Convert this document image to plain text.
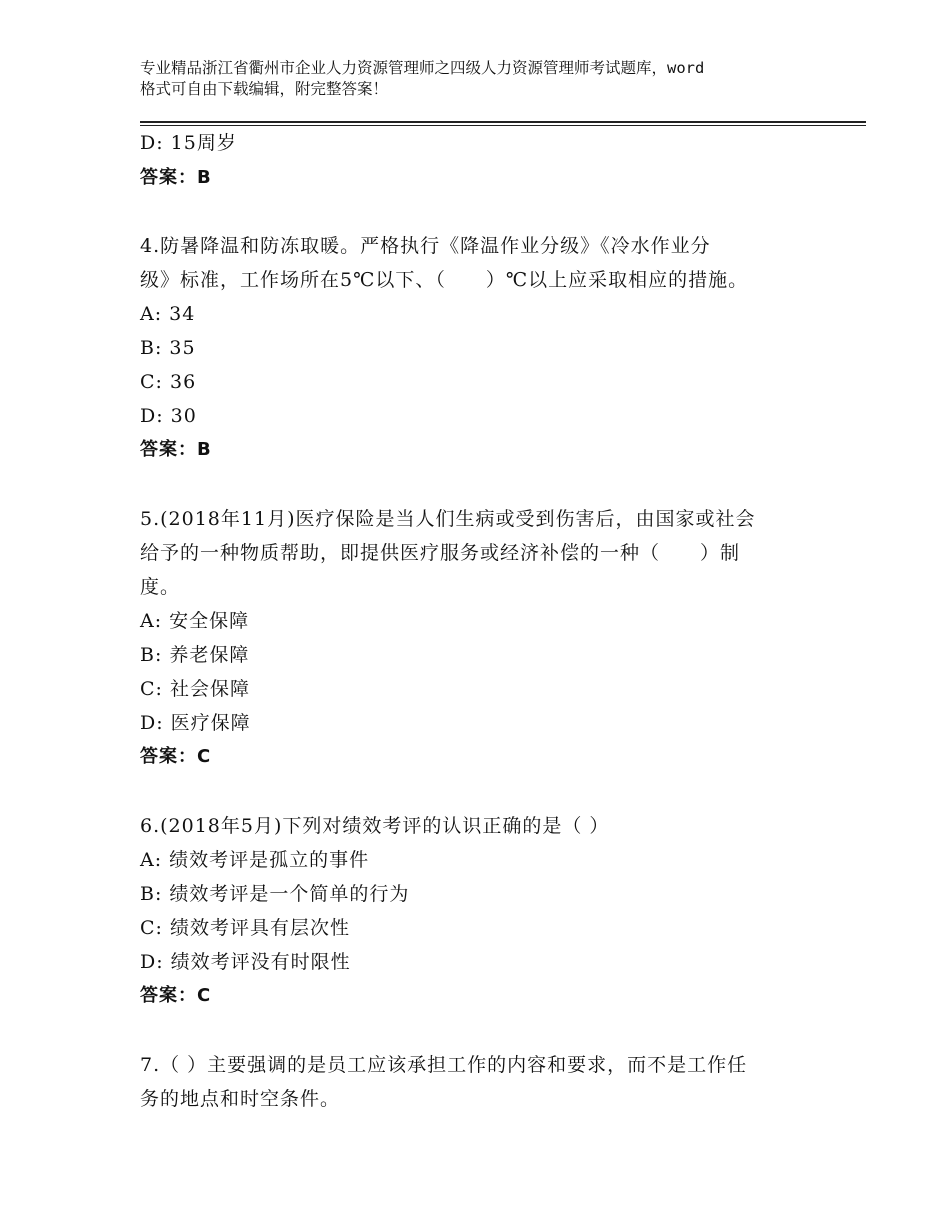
专业精品浙江省衢州市企业人力资源管理师之四级人力资源管理师考试题库，word
格式可自由下载编辑，附完整答案！
D: 15周岁
答案：B
4.防暑降温和防冻取暖。严格执行《降温作业分级》《冷水作业分
级》标准，工作场所在5℃以下、（　　）℃以上应采取相应的措施。
A: 34
B: 35
C: 36
D: 30
答案：B
5.(2018年11月)医疗保险是当人们生病或受到伤害后，由国家或社会
给予的一种物质帮助，即提供医疗服务或经济补偿的一种（　　）制
度。
A: 安全保障
B: 养老保障
C: 社会保障
D: 医疗保障
答案：C
6.(2018年5月)下列对绩效考评的认识正确的是（ ）
A: 绩效考评是孤立的事件
B: 绩效考评是一个简单的行为
C: 绩效考评具有层次性
D: 绩效考评没有时限性
答案：C
7.（ ）主要强调的是员工应该承担工作的内容和要求，而不是工作任
务的地点和时空条件。
